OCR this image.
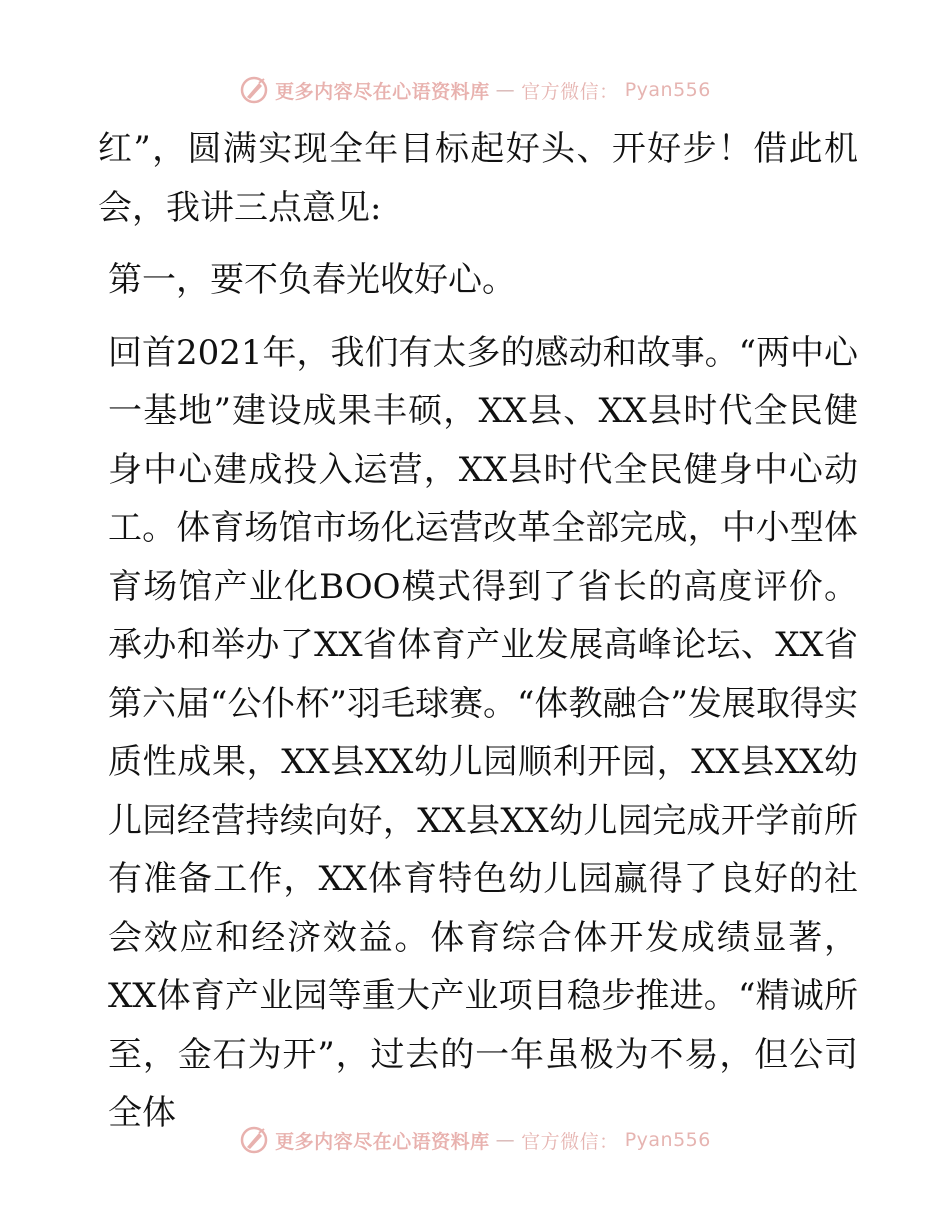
更多内容尽在心语资料库 — 官方微信： Pyan556

红”，圆满实现全年目标起好头、开好步！借此机会，我讲三点意见:

第一，要不负春光收好心。

回首2021年，我们有太多的感动和故事。“两中心一基地”建设成果丰硕，XX县、XX县时代全民健身中心建成投入运营，XX县时代全民健身中心动工。体育场馆市场化运营改革全部完成，中小型体育场馆产业化BOO模式得到了省长的高度评价。承办和举办了XX省体育产业发展高峰论坛、XX省第六届“公仆杯”羽毛球赛。“体教融合”发展取得实质性成果，XX县XX幼儿园顺利开园，XX县XX幼儿园经营持续向好，XX县XX幼儿园完成开学前所有准备工作，XX体育特色幼儿园赢得了良好的社会效应和经济效益。体育综合体开发成绩显著，XX体育产业园等重大产业项目稳步推进。“精诚所至，金石为开”，过去的一年虽极为不易，但公司全体

更多内容尽在心语资料库 — 官方微信： Pyan556
